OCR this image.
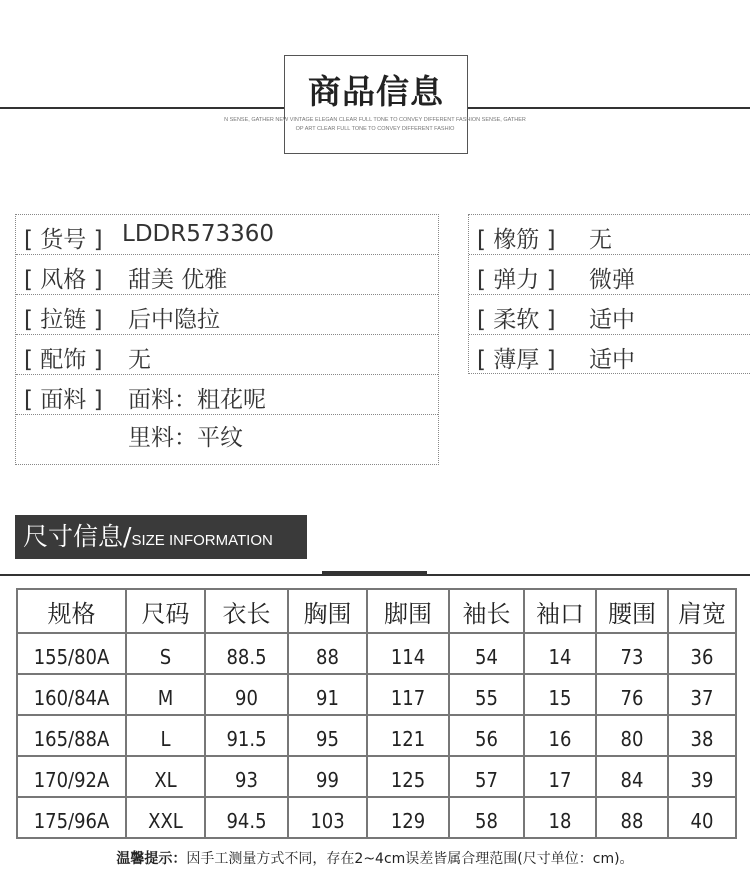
商品信息
N SENSE, GATHER NEW VINTAGE ELEGAN CLEAR FULL TONE TO CONVEY DIFFERENT FASHION SENSE, GATHER
OP ART CLEAR FULL TONE TO CONVEY DIFFERENT FASHIO
[ 货号 ] LDDR573360
[ 风格 ] 甜美 优雅
[ 拉链 ] 后中隐拉
[ 配饰 ] 无
[ 面料 ] 面料：粗花呢
里料：平纹
[ 橡筋 ] 无
[ 弹力 ] 微弹
[ 柔软 ] 适中
[ 薄厚 ] 适中
尺寸信息/SIZE INFORMATION
规格	尺码	衣长	胸围	脚围	袖长	袖口	腰围	肩宽
155/80A	S	88.5	88	114	54	14	73	36
160/84A	M	90	91	117	55	15	76	37
165/88A	L	91.5	95	121	56	16	80	38
170/92A	XL	93	99	125	57	17	84	39
175/96A	XXL	94.5	103	129	58	18	88	40
温馨提示：因手工测量方式不同，存在2~4cm误差皆属合理范围(尺寸单位：cm)。
